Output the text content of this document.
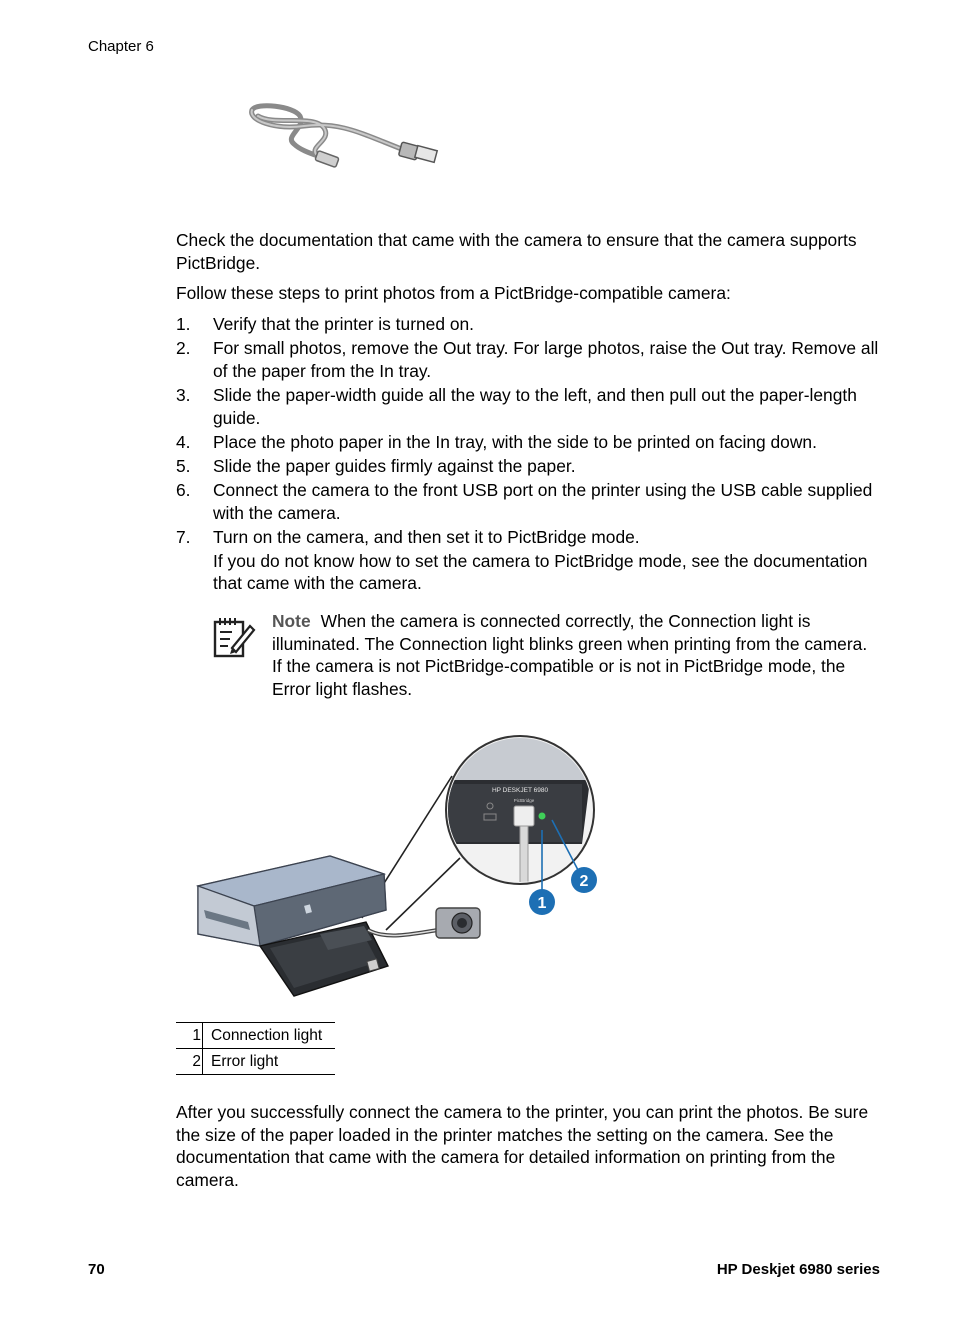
Chapter 6
Check the documentation that came with the camera to ensure that the camera supports PictBridge.
Follow these steps to print photos from a PictBridge-compatible camera:
1. Verify that the printer is turned on.
2. For small photos, remove the Out tray. For large photos, raise the Out tray. Remove all of the paper from the In tray.
3. Slide the paper-width guide all the way to the left, and then pull out the paper-length guide.
4. Place the photo paper in the In tray, with the side to be printed on facing down.
5. Slide the paper guides firmly against the paper.
6. Connect the camera to the front USB port on the printer using the USB cable supplied with the camera.
7. Turn on the camera, and then set it to PictBridge mode.
If you do not know how to set the camera to PictBridge mode, see the documentation that came with the camera.
Note When the camera is connected correctly, the Connection light is illuminated. The Connection light blinks green when printing from the camera. If the camera is not PictBridge-compatible or is not in PictBridge mode, the Error light flashes.
HP DESKJET 6980
PictBridge
1
2
1	Connection light
2	Error light
After you successfully connect the camera to the printer, you can print the photos. Be sure the size of the paper loaded in the printer matches the setting on the camera. See the documentation that came with the camera for detailed information on printing from the camera.
70	HP Deskjet 6980 series
